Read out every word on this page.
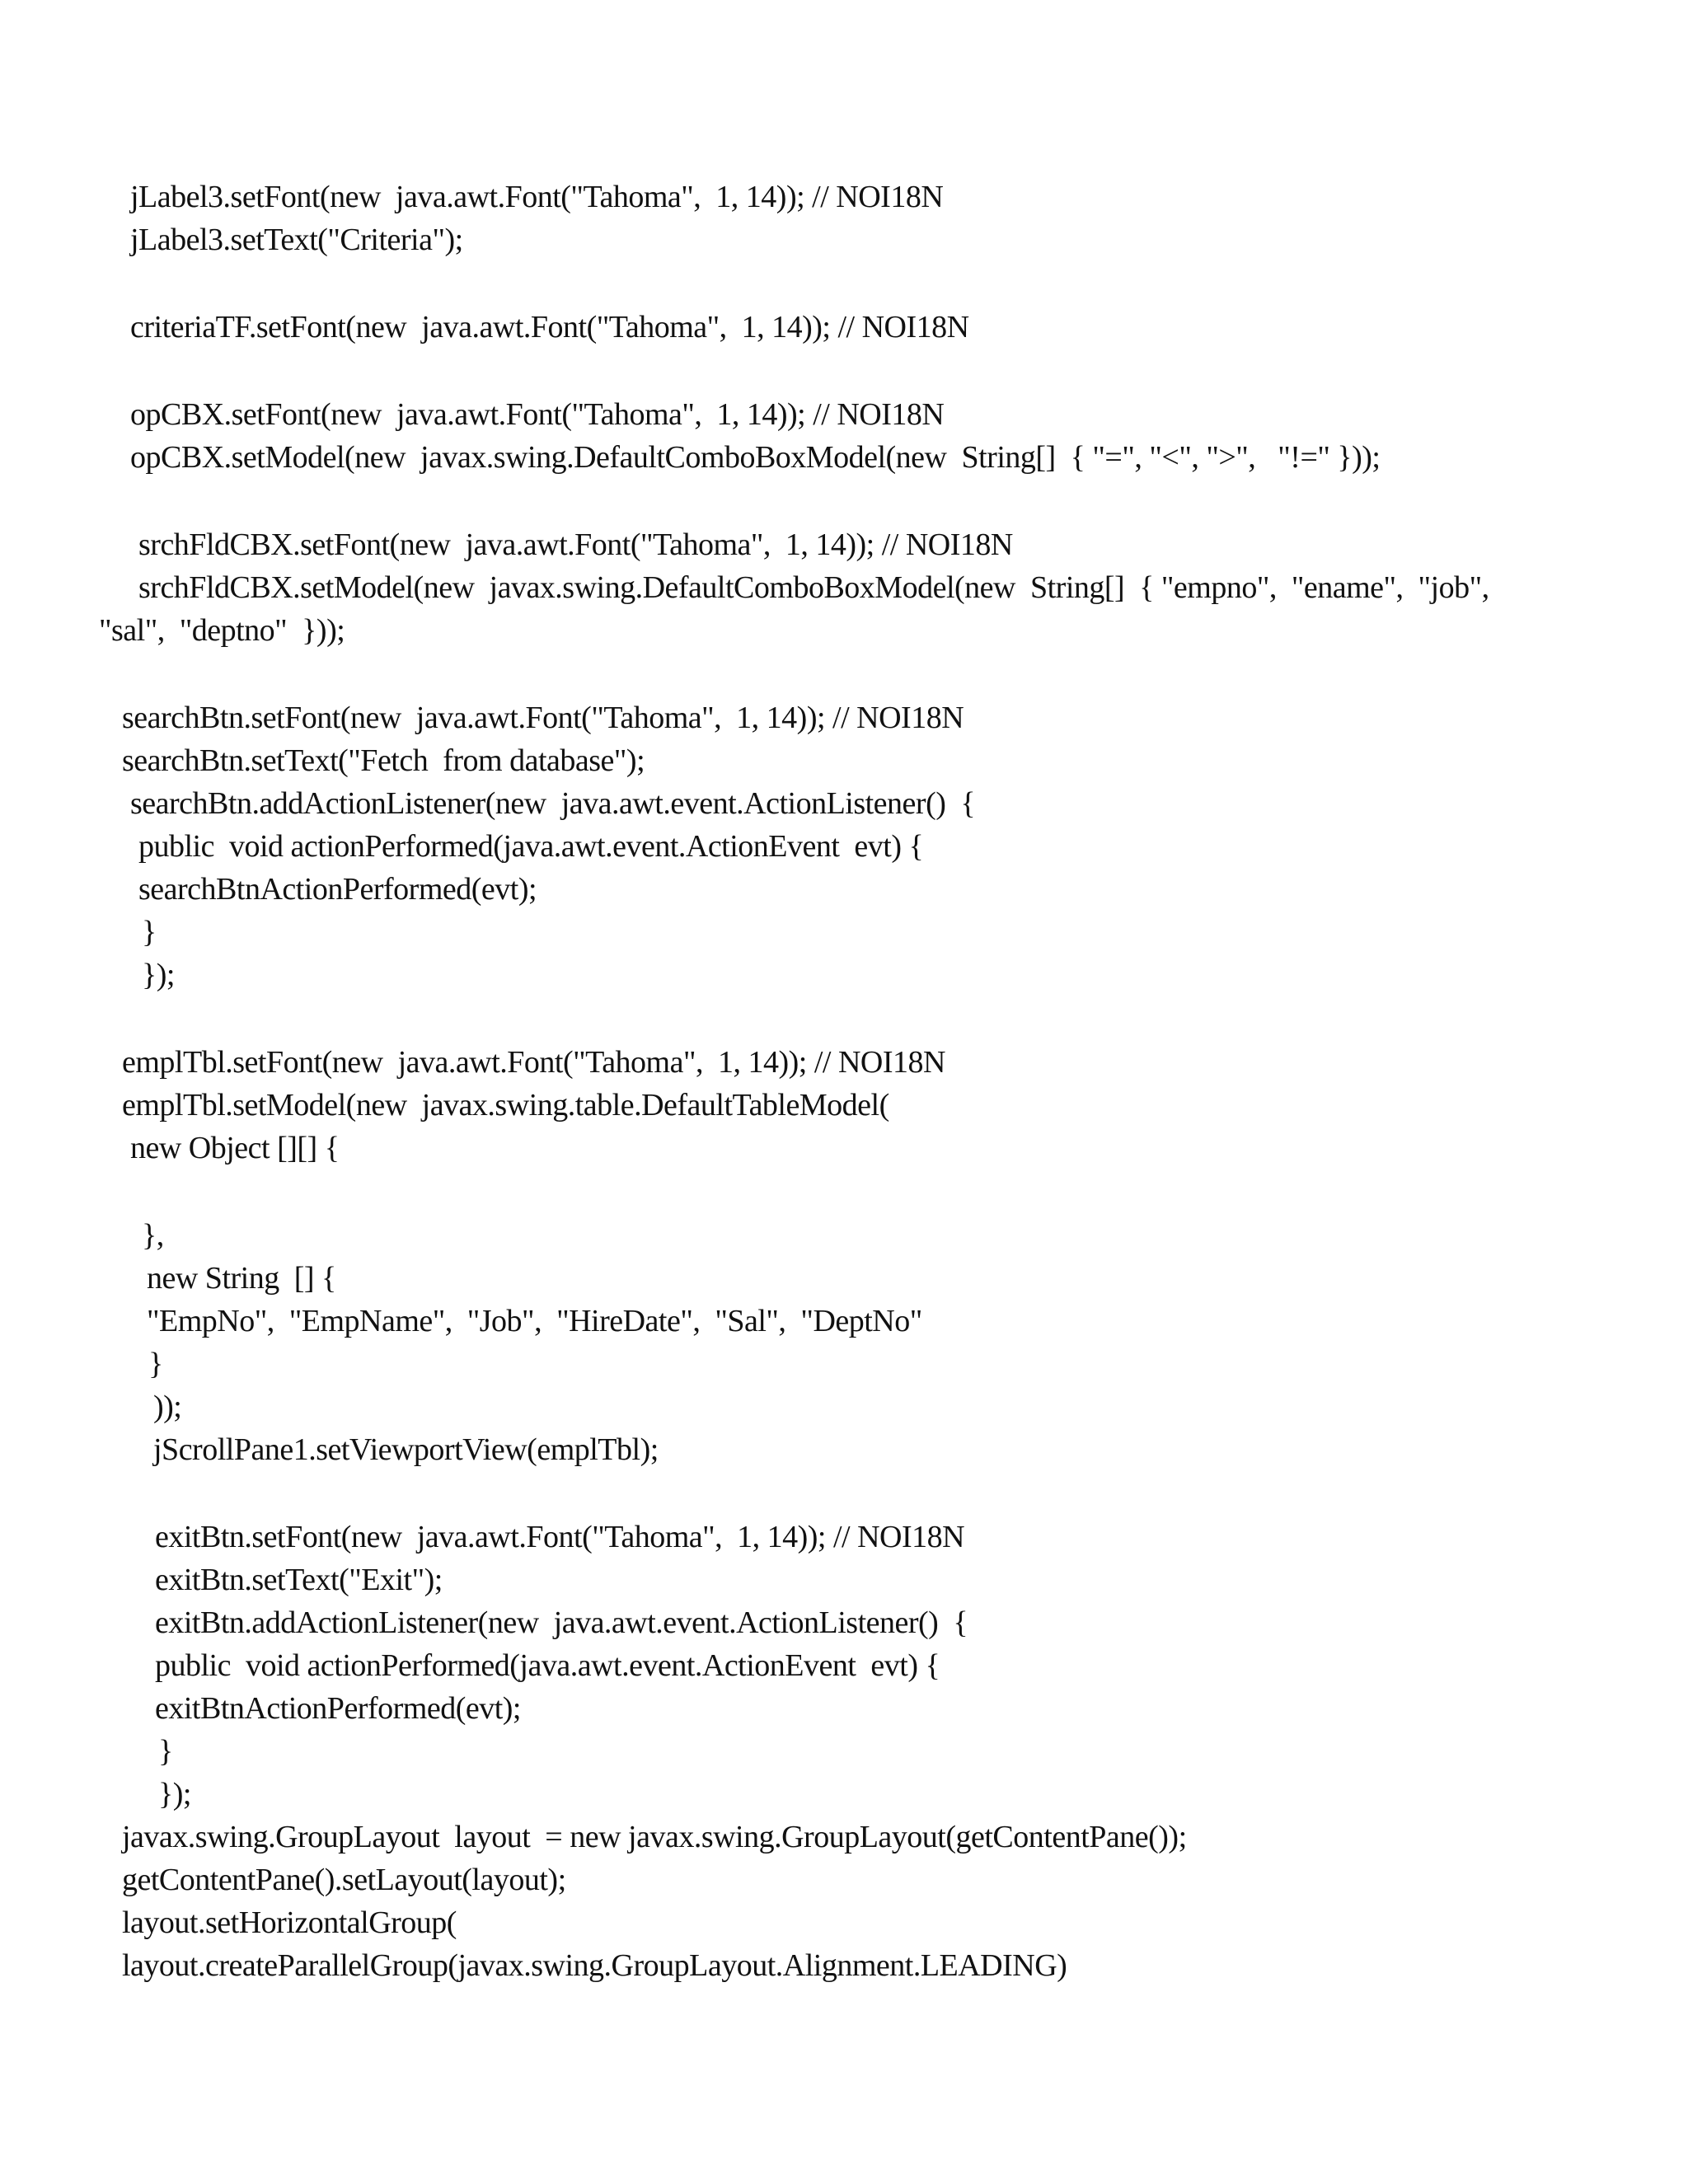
jLabel3.setFont(new  java.awt.Font("Tahoma",  1, 14)); // NOI18N
jLabel3.setText("Criteria");
criteriaTF.setFont(new  java.awt.Font("Tahoma",  1, 14)); // NOI18N
opCBX.setFont(new  java.awt.Font("Tahoma",  1, 14)); // NOI18N
opCBX.setModel(new  javax.swing.DefaultComboBoxModel(new  String[]  { "=", "<", ">",   "!=" }));
srchFldCBX.setFont(new  java.awt.Font("Tahoma",  1, 14)); // NOI18N
srchFldCBX.setModel(new  javax.swing.DefaultComboBoxModel(new  String[]  { "empno",  "ename",  "job",
"sal",  "deptno"  }));
searchBtn.setFont(new  java.awt.Font("Tahoma",  1, 14)); // NOI18N
searchBtn.setText("Fetch  from database");
searchBtn.addActionListener(new  java.awt.event.ActionListener()  {
public  void actionPerformed(java.awt.event.ActionEvent  evt) {
searchBtnActionPerformed(evt);
}
});
emplTbl.setFont(new  java.awt.Font("Tahoma",  1, 14)); // NOI18N
emplTbl.setModel(new  javax.swing.table.DefaultTableModel(
new Object [][] {
},
new String  [] {
"EmpNo",  "EmpName",  "Job",  "HireDate",  "Sal",  "DeptNo"
}
));
jScrollPane1.setViewportView(emplTbl);
exitBtn.setFont(new  java.awt.Font("Tahoma",  1, 14)); // NOI18N
exitBtn.setText("Exit");
exitBtn.addActionListener(new  java.awt.event.ActionListener()  {
public  void actionPerformed(java.awt.event.ActionEvent  evt) {
exitBtnActionPerformed(evt);
}
});
javax.swing.GroupLayout  layout  = new javax.swing.GroupLayout(getContentPane());
getContentPane().setLayout(layout);
layout.setHorizontalGroup(
layout.createParallelGroup(javax.swing.GroupLayout.Alignment.LEADING)
